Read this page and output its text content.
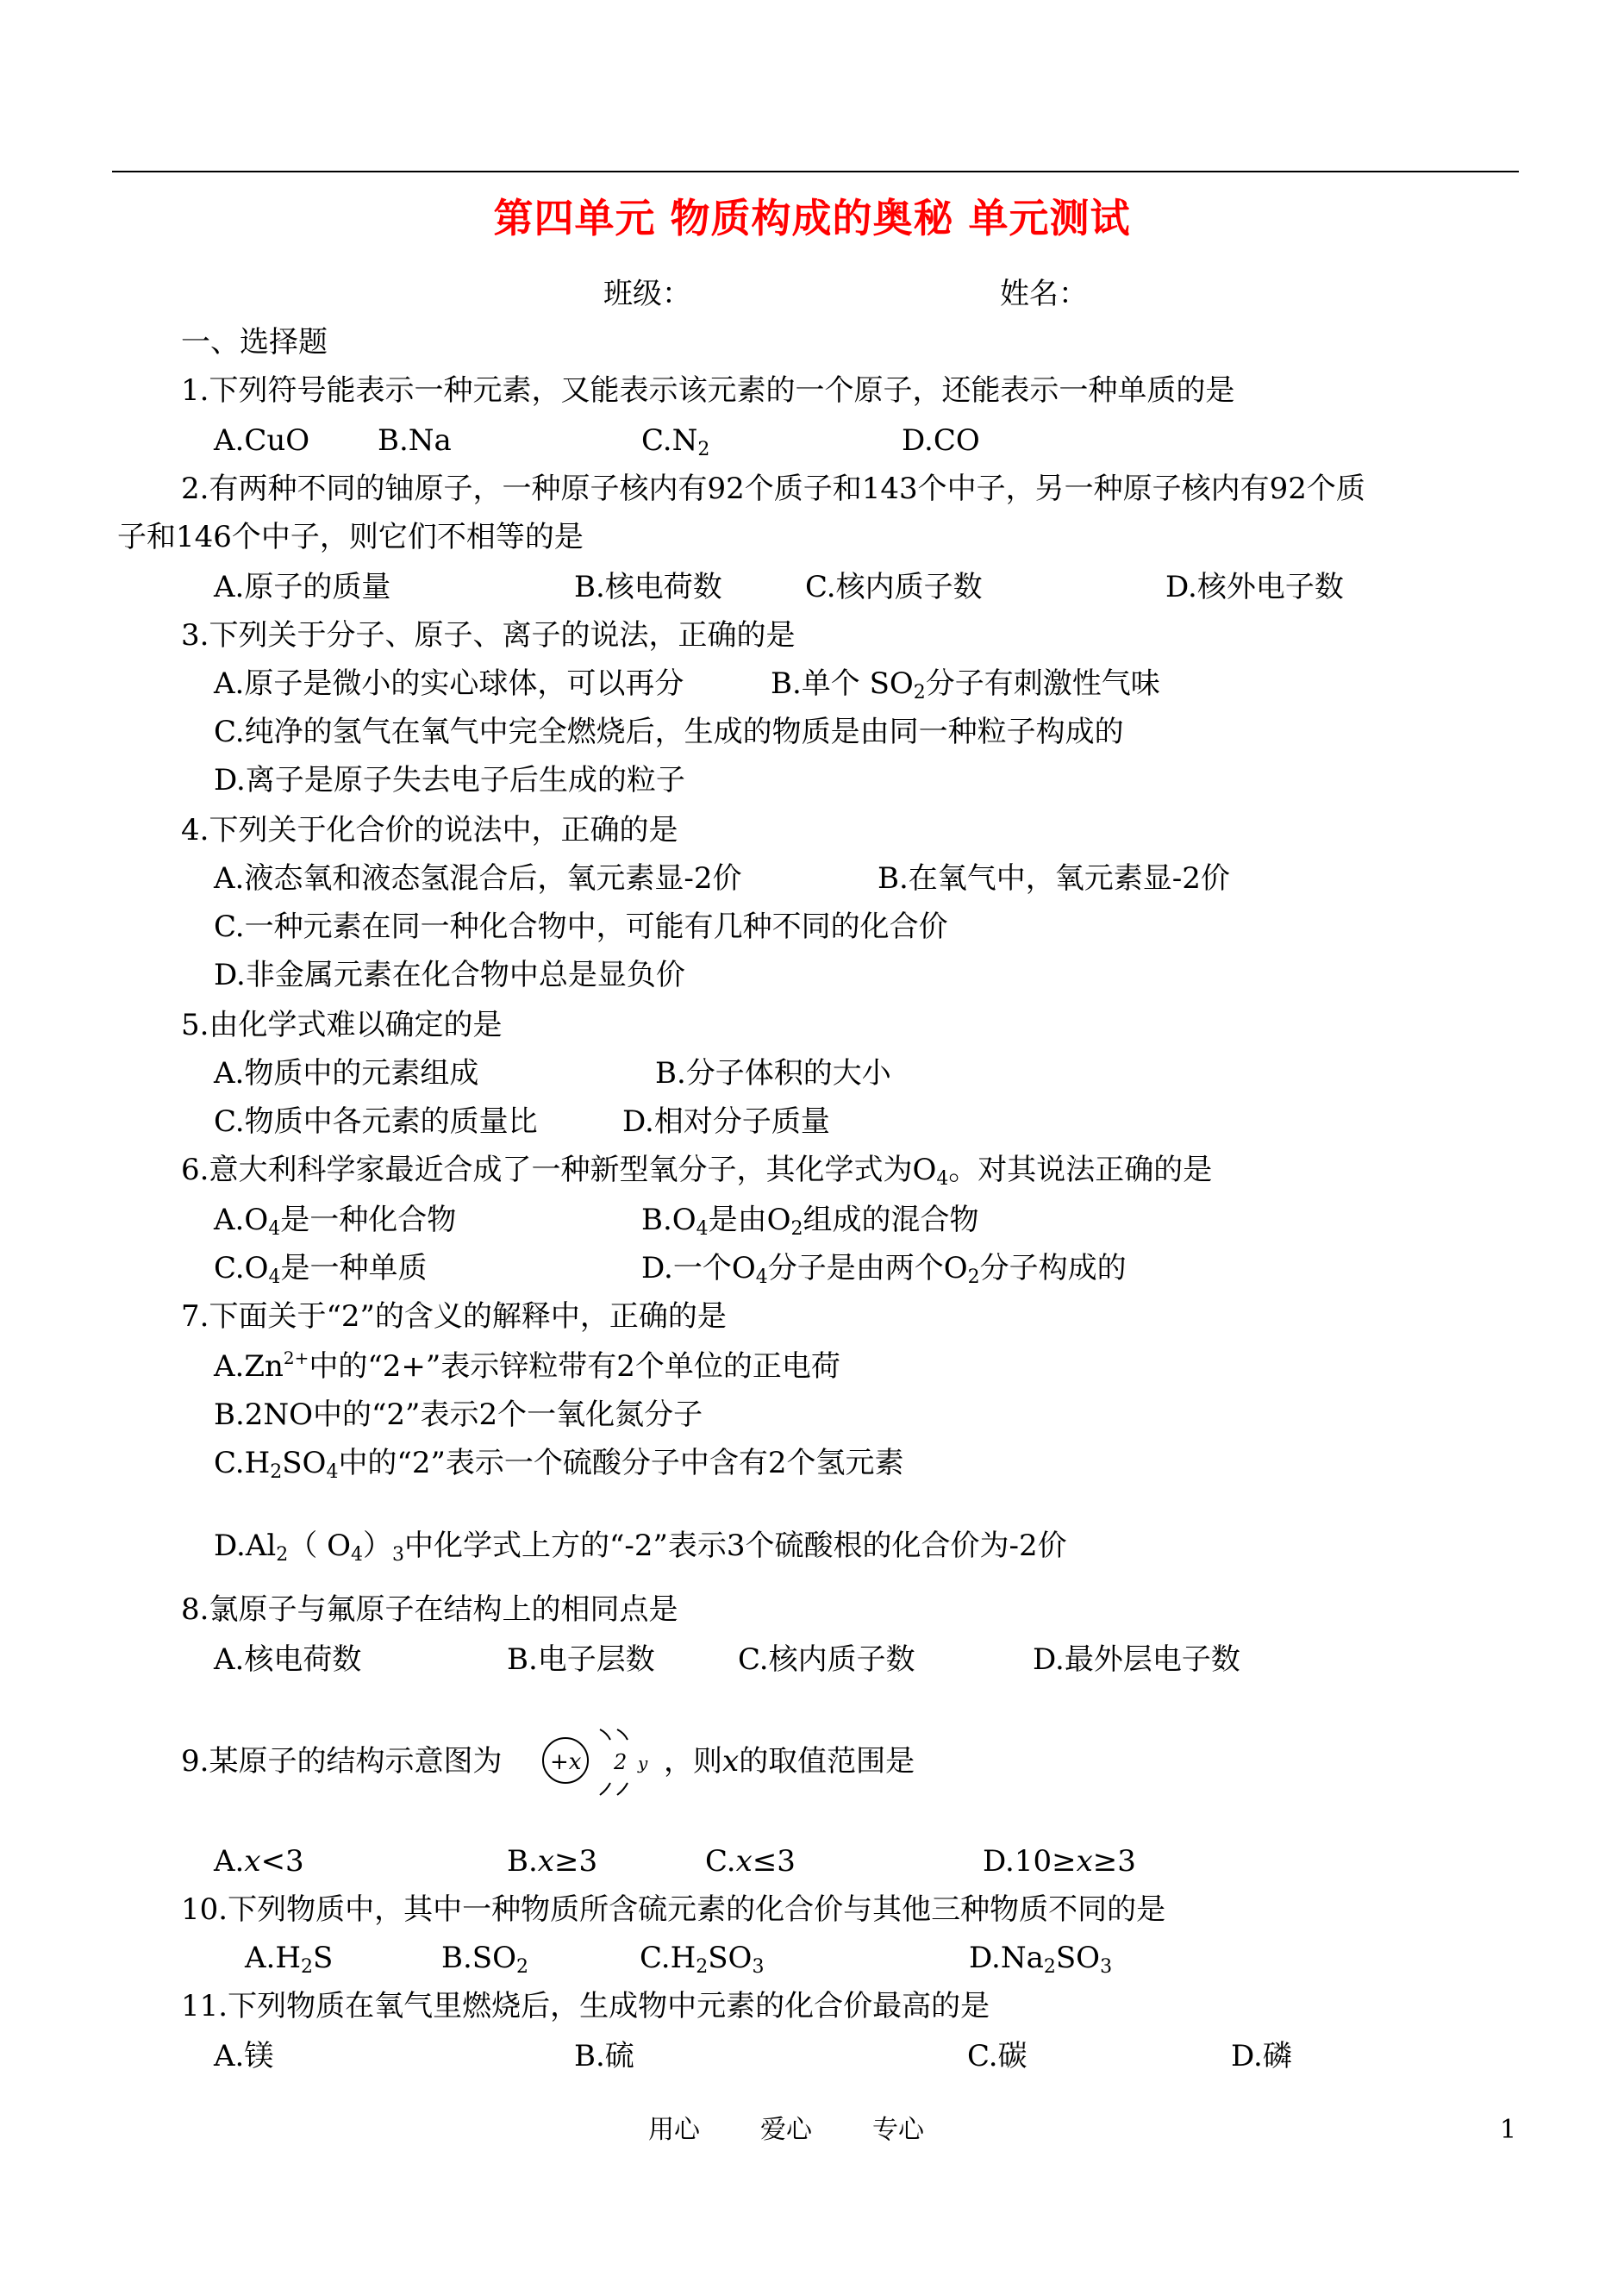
第四单元 物质构成的奥秘 单元测试
班级：	姓名：
一、选择题
1.下列符号能表示一种元素，又能表示该元素的一个原子，还能表示一种单质的是
A.CuO B.Na	$C.N_2$	D.CO
2.有两种不同的铀原子，一种原子核内有92个质子和143个中子，另一种原子核内有92个质
子和146个中子，则它们不相等的是
A.原子的质量	B.核电荷数	C.核内质子数	D.核外电子数
3.下列关于分子、原子、离子的说法，正确的是
A.原子是微小的实心球体，可以再分	B.单个 $SO_2$分子有刺激性气味
C.纯净的氢气在氧气中完全燃烧后，生成的物质是由同一种粒子构成的
D.离子是原子失去电子后生成的粒子
4.下列关于化合价的说法中，正确的是
A.液态氧和液态氢混合后，氧元素显-2价	B.在氧气中，氧元素显-2价
C.一种元素在同一种化合物中，可能有几种不同的化合价
D.非金属元素在化合物中总是显负价
5.由化学式难以确定的是
A.物质中的元素组成	B.分子体积的大小
C.物质中各元素的质量比	D.相对分子质量
6.意大利科学家最近合成了一种新型氧分子，其化学式为$O_4$。对其说法正确的是
$A.O_4$是一种化合物	$B.O_4$是由$O_2$组成的混合物
$C.O_4$是一种单质	D.一个$O_4$分子是由两个$O_2$分子构成的
7.下面关于“2”的含义的解释中，正确的是
$A.Zn^{2+}$中的“2+”表示锌粒带有2个单位的正电荷
B.2NO中的“2”表示2个一氧化氮分子
$C.H_2SO_4$中的“2”表示一个硫酸分子中含有2个氢元素
$D.Al_2$（ $O_4)_3$中化学式上方的“-2”表示3个硫酸根的化合价为-2价
8.氯原子与氟原子在结构上的相同点是
A.核电荷数	B.电子层数	C.核内质子数	D.最外层电子数
9.某原子的结构示意图为 +x 2 y ，则x的取值范围是
A.x<3	B.x≥3	C.x≤3	D.10≥x≥3
10.下列物质中，其中一种物质所含硫元素的化合价与其他三种物质不同的是
$A.H_2S$	$B.SO_2$	$C.H_2SO_3$	$D.Na_2SO_3$
11.下列物质在氧气里燃烧后，生成物中元素的化合价最高的是
A.镁	B.硫	C.碳	D.磷
用心 爱心 专心	1
